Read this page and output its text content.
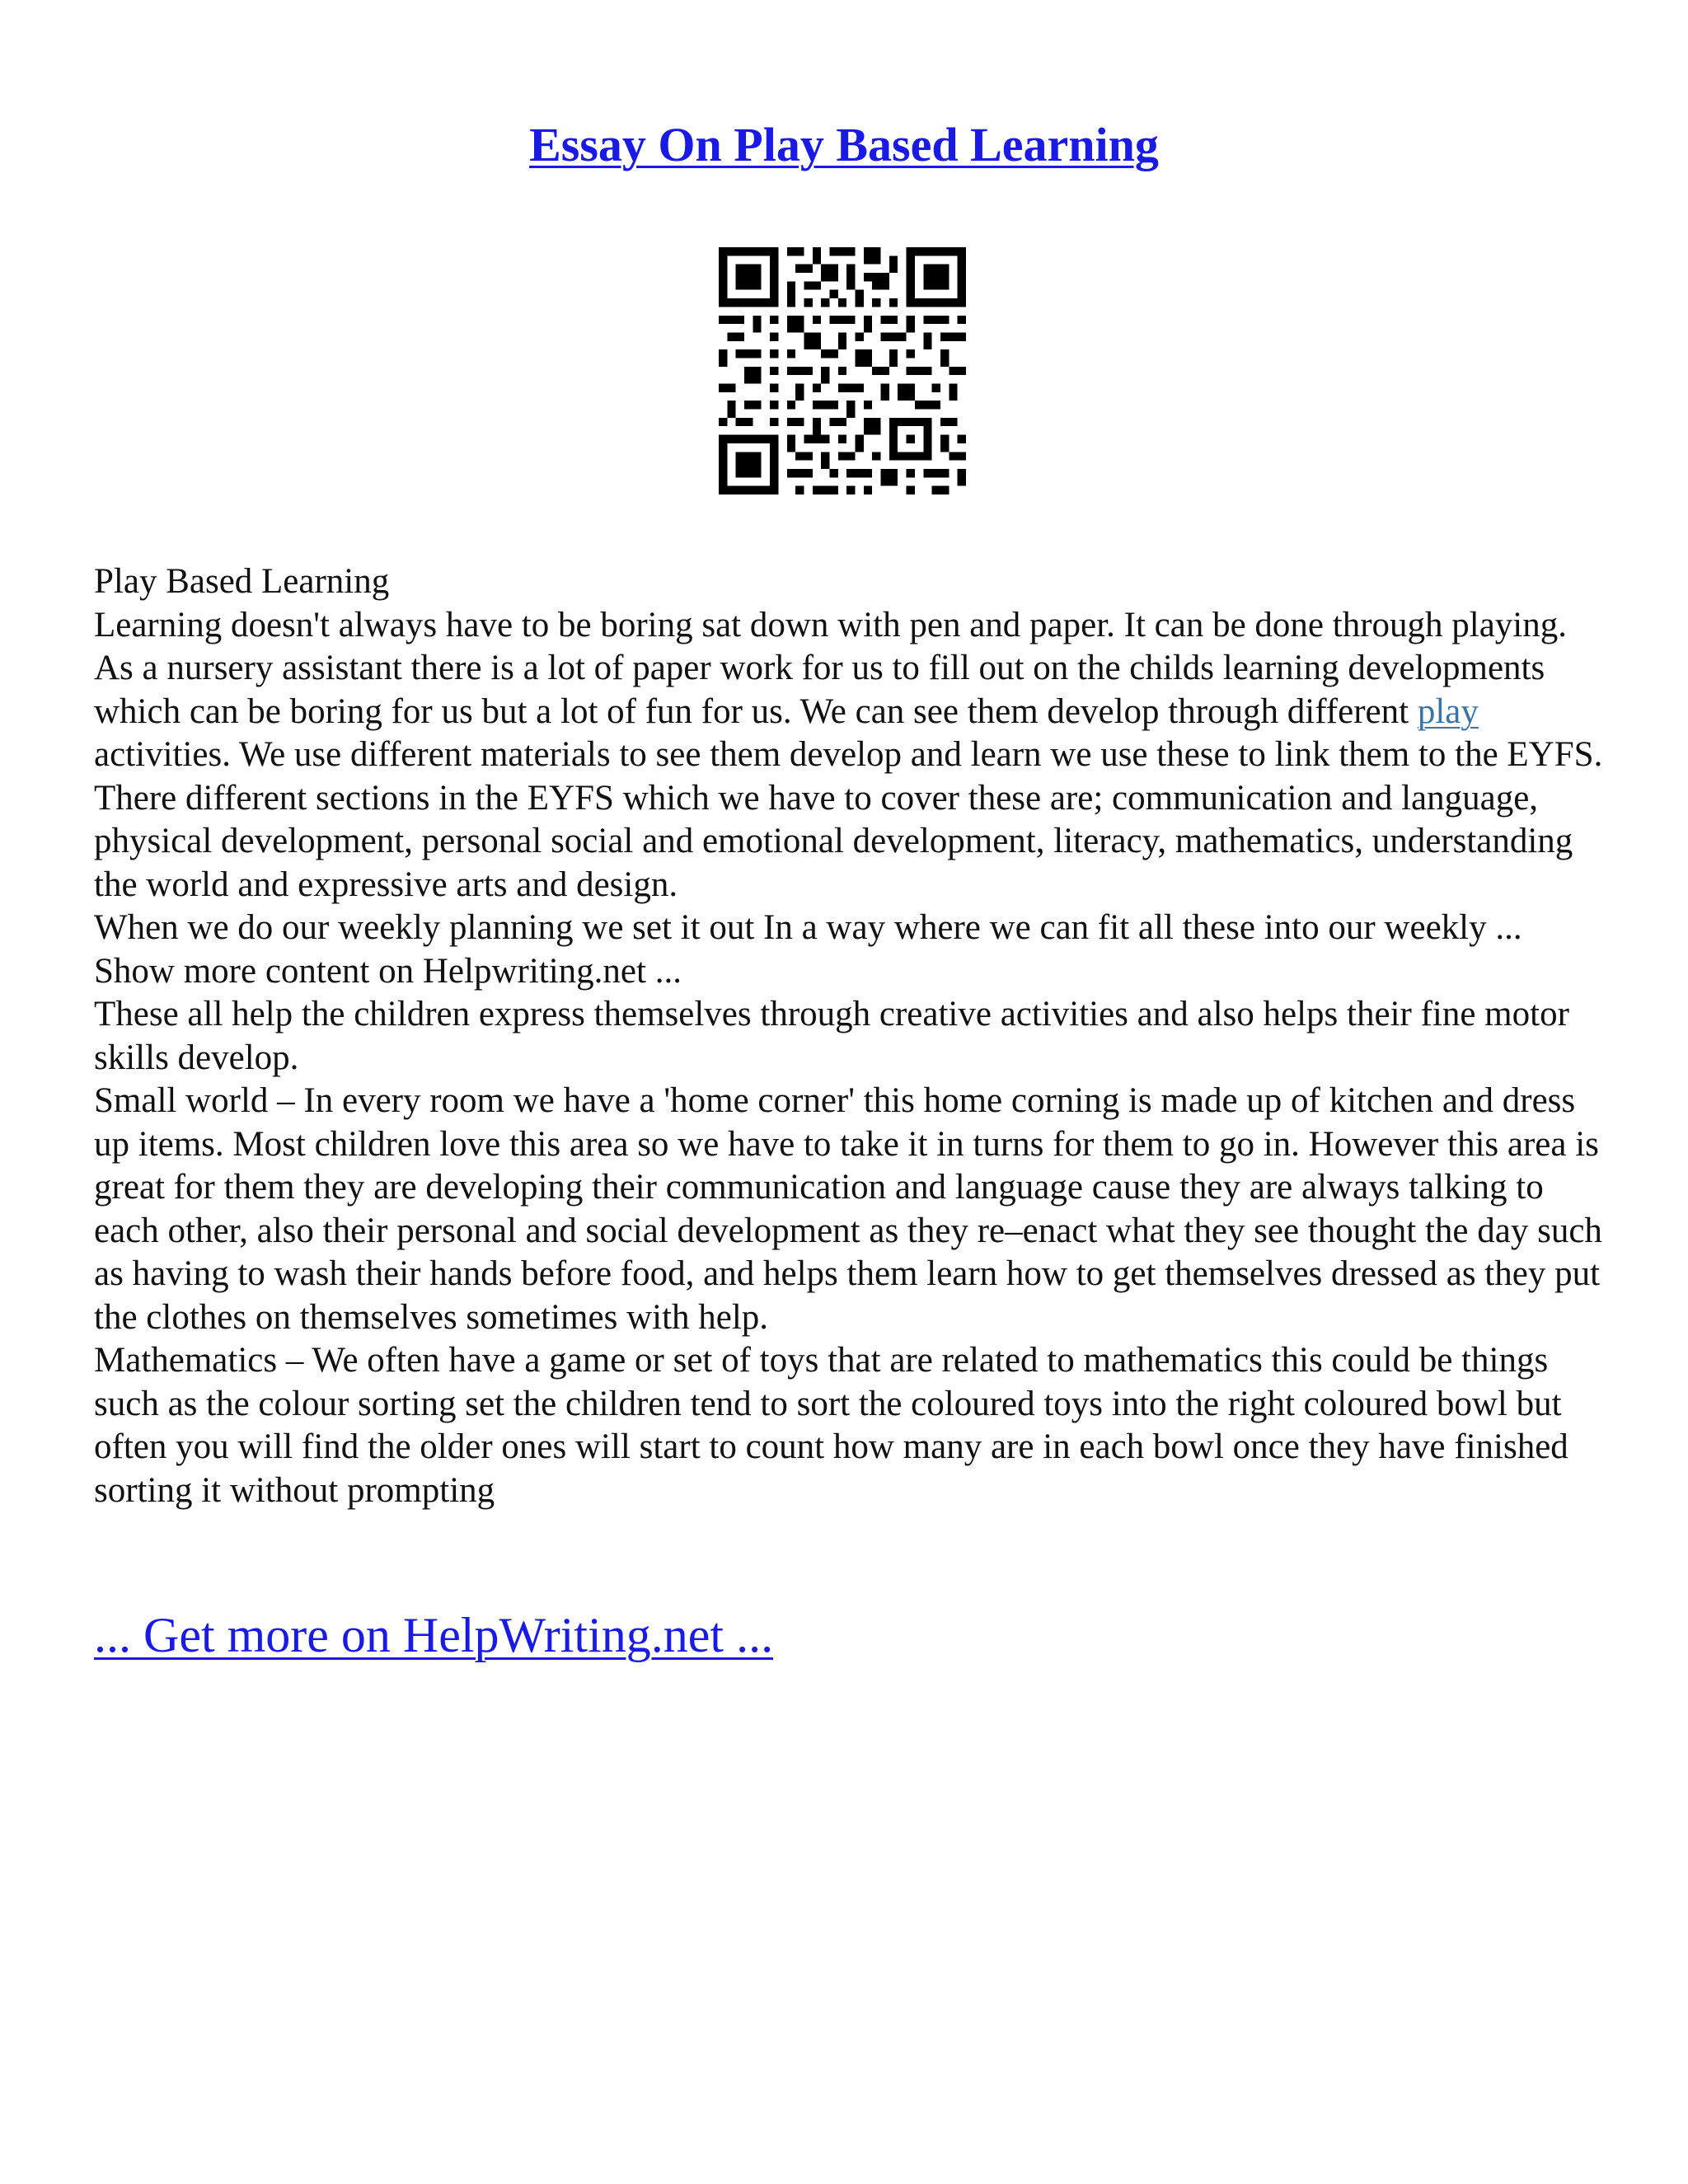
Essay On Play Based Learning

Play Based Learning

Learning doesn't always have to be boring sat down with pen and paper. It can be done through playing.

As a nursery assistant there is a lot of paper work for us to fill out on the childs learning developments which can be boring for us but a lot of fun for us. We can see them develop through different play activities. We use different materials to see them develop and learn we use these to link them to the EYFS. There different sections in the EYFS which we have to cover these are; communication and language, physical development, personal social and emotional development, literacy, mathematics, understanding the world and expressive arts and design.

When we do our weekly planning we set it out In a way where we can fit all these into our weekly ...

Show more content on Helpwriting.net ...

These all help the children express themselves through creative activities and also helps their fine motor skills develop.

Small world – In every room we have a 'home corner' this home corning is made up of kitchen and dress up items. Most children love this area so we have to take it in turns for them to go in. However this area is great for them they are developing their communication and language cause they are always talking to each other, also their personal and social development as they re–enact what they see thought the day such as having to wash their hands before food, and helps them learn how to get themselves dressed as they put the clothes on themselves sometimes with help.

Mathematics – We often have a game or set of toys that are related to mathematics this could be things such as the colour sorting set the children tend to sort the coloured toys into the right coloured bowl but often you will find the older ones will start to count how many are in each bowl once they have finished sorting it without prompting

... Get more on HelpWriting.net ...
